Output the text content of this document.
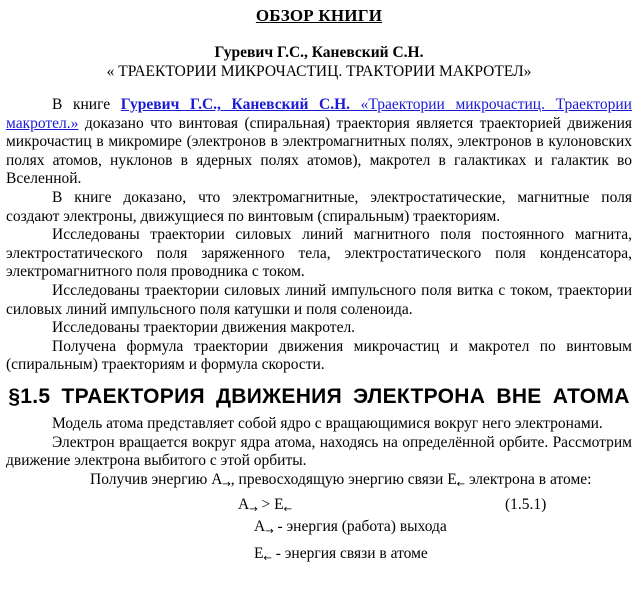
ОБЗОР КНИГИ
Гуревич Г.С., Каневский С.Н.
« ТРАЕКТОРИИ МИКРОЧАСТИЦ. ТРАКТОРИИ МАКРОТЕЛ»

В книге Гуревич Г.С., Каневский С.Н. «Траектории микрочастиц. Траектории макротел.» доказано что винтовая (спиральная) траектория является траекторией движения микрочастиц в микромире (электронов в электромагнитных полях, электронов в кулоновских полях атомов, нуклонов в ядерных полях атомов), макротел в галактиках и галактик во Вселенной.

В книге доказано, что электромагнитные, электростатические, магнитные поля создают электроны, движущиеся по винтовым (спиральным) траекториям.

Исследованы траектории силовых линий магнитного поля постоянного магнита, электростатического поля заряженного тела, электростатического поля конденсатора, электромагнитного поля проводника с током.

Исследованы траектории силовых линий импульсного поля витка с током, траектории силовых линий импульсного поля катушки и поля соленоида.

Исследованы траектории движения макротел.

Получена формула траектории движения микрочастиц и макротел по винтовым (спиральным) траекториям и формула скорости.

§1.5 ТРАЕКТОРИЯ ДВИЖЕНИЯ ЭЛЕКТРОНА ВНЕ АТОМА

Модель атома представляет собой ядро с вращающимися вокруг него электронами.

Электрон вращается вокруг ядра атома, находясь на определённой орбите. Рассмотрим движение электрона выбитого с этой орбиты.

Получив энергию $А_\to$, превосходящую энергию связи $Е_\leftarrow$ электрона в атоме:

$А_\to > Е_\leftarrow$	(1.5.1)
$А_\to$ - энергия (работа) выхода
$Е_\leftarrow$ - энергия связи в атоме
